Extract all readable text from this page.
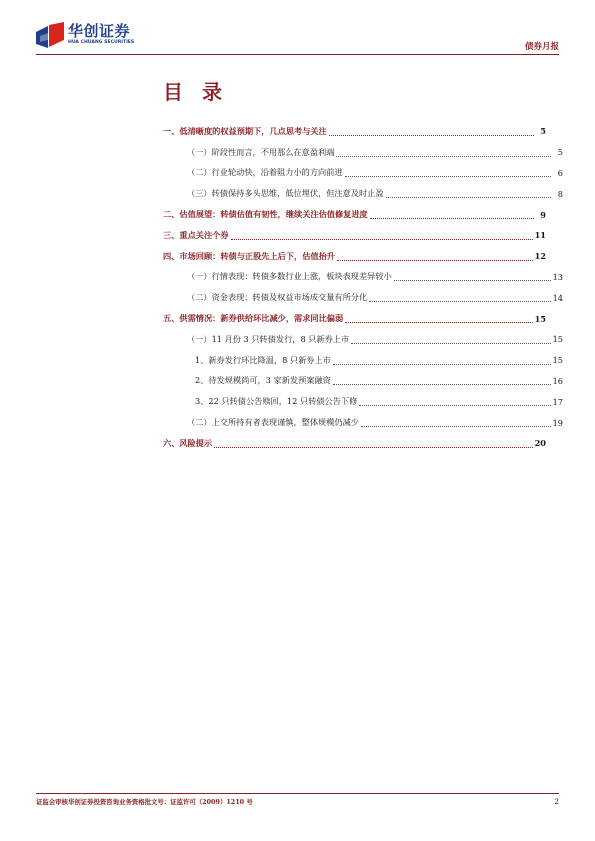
华创证券
HUA CHUANG SECURITIES	债券月报
目 录
一、低清晰度的权益预期下，几点思考与关注	5
（一）阶段性而言，不用那么在意盈利端	5
（二）行业轮动快，沿着阻力小的方向前进	6
（三）转债保持多头思维，低位埋伏，但注意及时止盈	8
二、估值展望：转债估值有韧性，继续关注估值修复进度	9
三、重点关注个券	11
四、市场回顾：转债与正股先上后下，估值抬升	12
（一）行情表现：转债多数行业上涨，板块表现差异较小	13
（二）资金表现：转债及权益市场成交量有所分化	14
五、供需情况：新券供给环比减少，需求同比偏弱	15
（一）11 月份 3 只转债发行，8 只新券上市	15
1、新券发行环比降温，8 只新券上市	15
2、待发规模尚可，3 家新发预案融资	16
3、22 只转债公告赎回，12 只转债公告下修	17
（二）上交所持有者表现谨慎，整体规模仍减少	19
六、风险提示	20
证监会审核华创证券投资咨询业务资格批文号：证监许可（2009）1210 号	2
